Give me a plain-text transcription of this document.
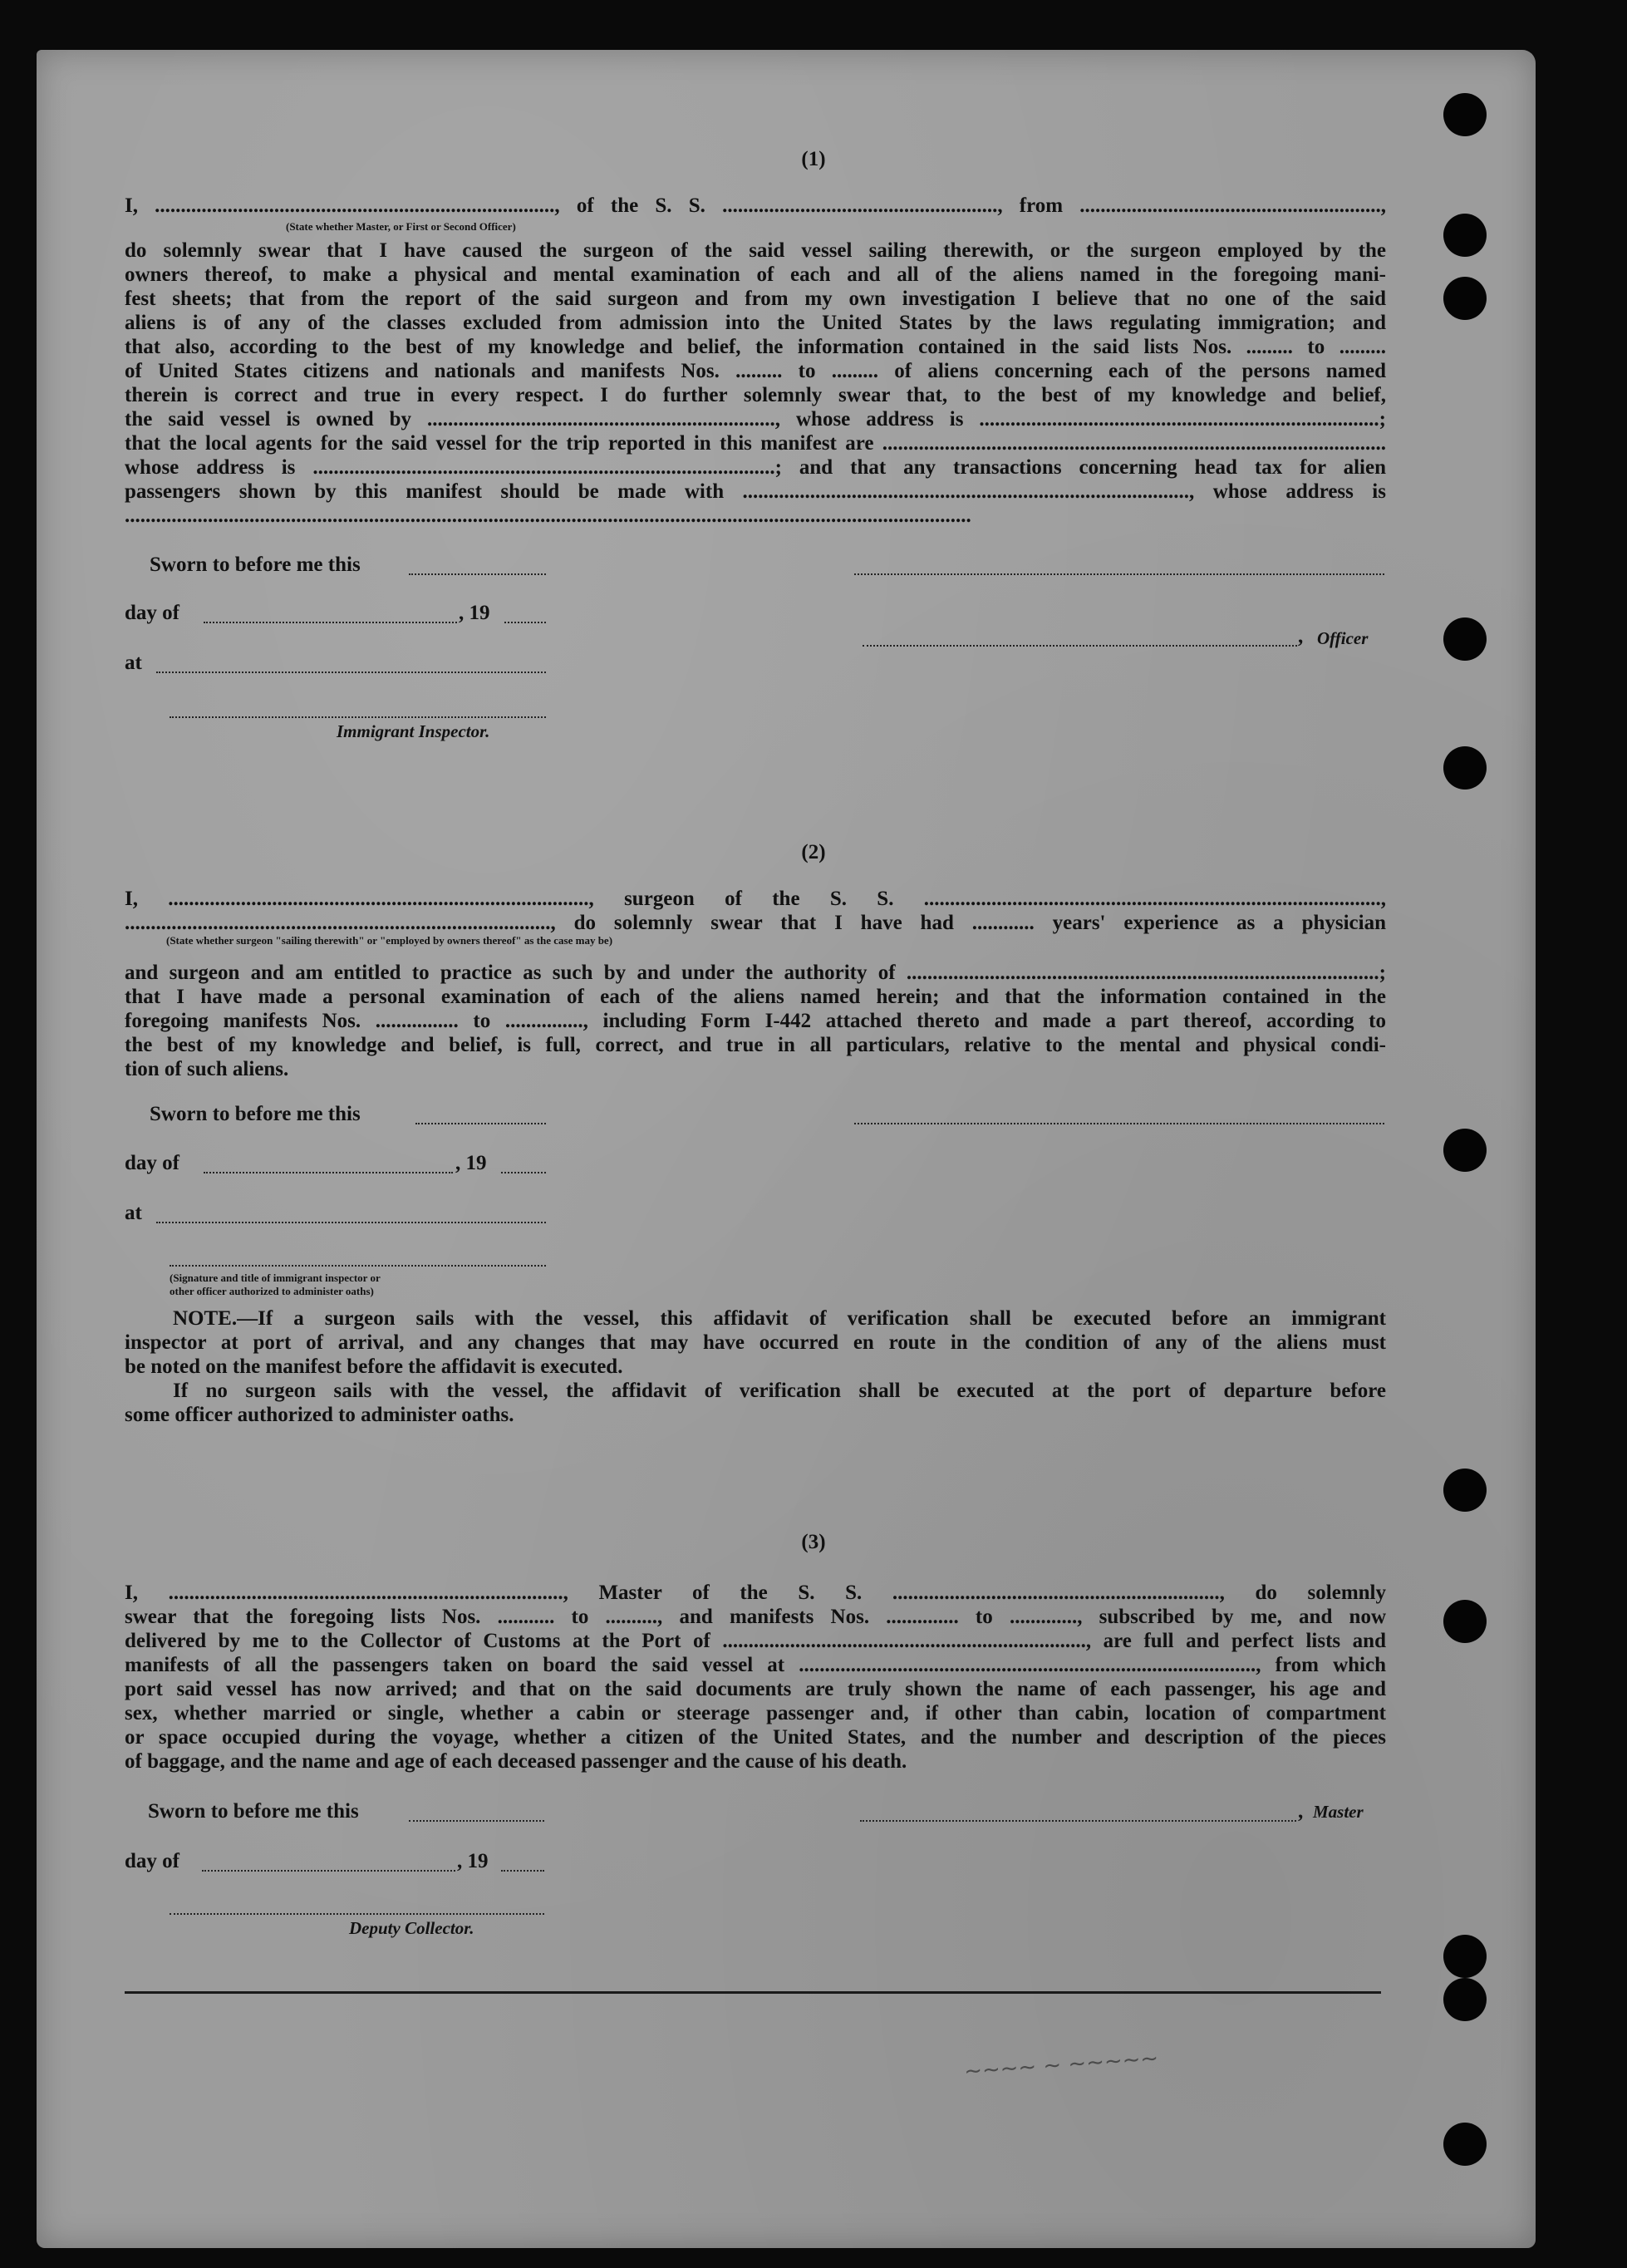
(1)
I, ............................................................................., of the S. S. ....................................................., from ..........................................................,
(State whether Master, or First or Second Officer)
do solemnly swear that I have caused the surgeon of the said vessel sailing therewith, or the surgeon employed by the
owners thereof, to make a physical and mental examination of each and all of the aliens named in the foregoing mani-
fest sheets; that from the report of the said surgeon and from my own investigation I believe that no one of the said
aliens is of any of the classes excluded from admission into the United States by the laws regulating immigration; and
that also, according to the best of my knowledge and belief, the information contained in the said lists Nos. ......... to .........
of United States citizens and nationals and manifests Nos. ......... to ......... of aliens concerning each of the persons named
therein is correct and true in every respect. I do further solemnly swear that, to the best of my knowledge and belief,
the said vessel is owned by ..................................................................., whose address is .............................................................................;
that the local agents for the said vessel for the trip reported in this manifest are .................................................................................................
whose address is .........................................................................................; and that any transactions concerning head tax for alien
passengers shown by this manifest should be made with ......................................................................................, whose address is
...................................................................................................................................................................
Sworn to before me this
day of	, 19
, Officer
at
Immigrant Inspector.
(2)
I, ................................................................................., surgeon of the S. S. ........................................................................................,
.................................................................................., do solemnly swear that I have had ............ years' experience as a physician
(State whether surgeon "sailing therewith" or "employed by owners thereof" as the case may be)
and surgeon and am entitled to practice as such by and under the authority of ...........................................................................................;
that I have made a personal examination of each of the aliens named herein; and that the information contained in the
foregoing manifests Nos. ................ to ..............., including Form I-442 attached thereto and made a part thereof, according to
the best of my knowledge and belief, is full, correct, and true in all particulars, relative to the mental and physical condi-
tion of such aliens.
Sworn to before me this
day of	, 19
at
(Signature and title of immigrant inspector or
other officer authorized to administer oaths)
NOTE.—If a surgeon sails with the vessel, this affidavit of verification shall be executed before an immigrant
inspector at port of arrival, and any changes that may have occurred en route in the condition of any of the aliens must
be noted on the manifest before the affidavit is executed.
If no surgeon sails with the vessel, the affidavit of verification shall be executed at the port of departure before
some officer authorized to administer oaths.
(3)
I, ............................................................................, Master of the S. S. ..............................................................., do solemnly
swear that the foregoing lists Nos. ........... to .........., and manifests Nos. .............. to ............., subscribed by me, and now
delivered by me to the Collector of Customs at the Port of ......................................................................, are full and perfect lists and
manifests of all the passengers taken on board the said vessel at ........................................................................................, from which
port said vessel has now arrived; and that on the said documents are truly shown the name of each passenger, his age and
sex, whether married or single, whether a cabin or steerage passenger and, if other than cabin, location of compartment
or space occupied during the voyage, whether a citizen of the United States, and the number and description of the pieces
of baggage, and the name and age of each deceased passenger and the cause of his death.
Sworn to before me this	, Master
day of	, 19
Deputy Collector.
~~~~ ~ ~~~~~
